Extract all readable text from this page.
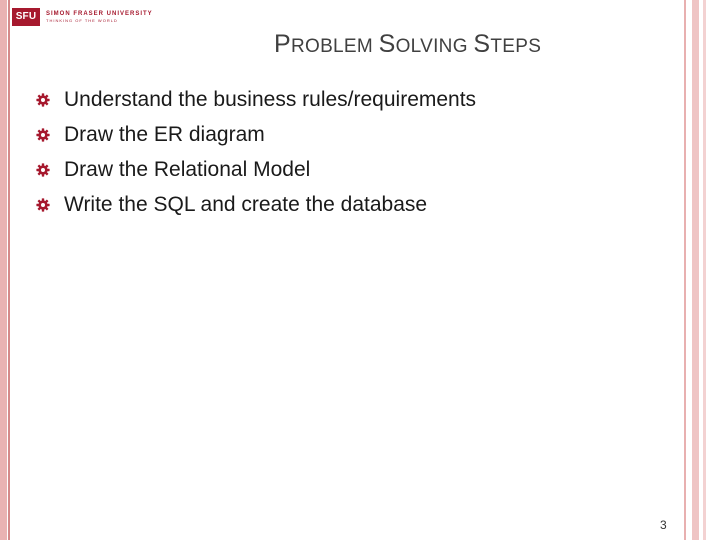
SFU	SIMON FRASER UNIVERSITY
THINKING OF THE WORLD
PROBLEM SOLVING STEPS
Understand the business rules/requirements
Draw the ER diagram
Draw the Relational Model
Write the SQL and create the database
3
